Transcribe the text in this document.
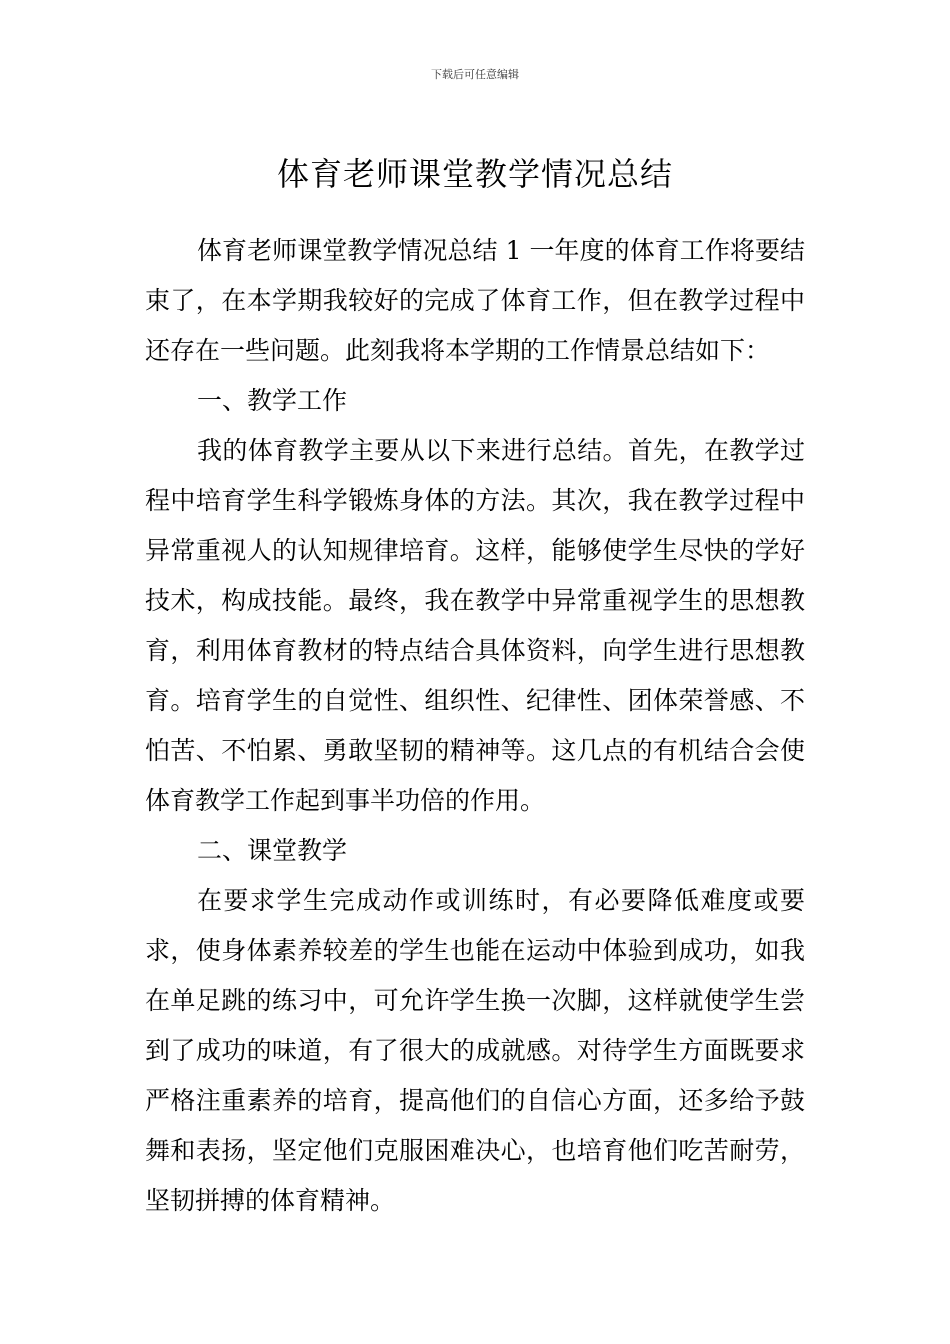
下载后可任意编辑
体育老师课堂教学情况总结

体育老师课堂教学情况总结 1 一年度的体育工作将要结束了，在本学期我较好的完成了体育工作，但在教学过程中还存在一些问题。此刻我将本学期的工作情景总结如下：

一、教学工作

我的体育教学主要从以下来进行总结。首先，在教学过程中培育学生科学锻炼身体的方法。其次，我在教学过程中异常重视人的认知规律培育。这样，能够使学生尽快的学好技术，构成技能。最终，我在教学中异常重视学生的思想教育，利用体育教材的特点结合具体资料，向学生进行思想教育。培育学生的自觉性、组织性、纪律性、团体荣誉感、不怕苦、不怕累、勇敢坚韧的精神等。这几点的有机结合会使体育教学工作起到事半功倍的作用。

二、课堂教学

在要求学生完成动作或训练时，有必要降低难度或要求，使身体素养较差的学生也能在运动中体验到成功，如我在单足跳的练习中，可允许学生换一次脚，这样就使学生尝到了成功的味道，有了很大的成就感。对待学生方面既要求严格注重素养的培育，提高他们的自信心方面，还多给予鼓舞和表扬，坚定他们克服困难决心，也培育他们吃苦耐劳，坚韧拼搏的体育精神。
